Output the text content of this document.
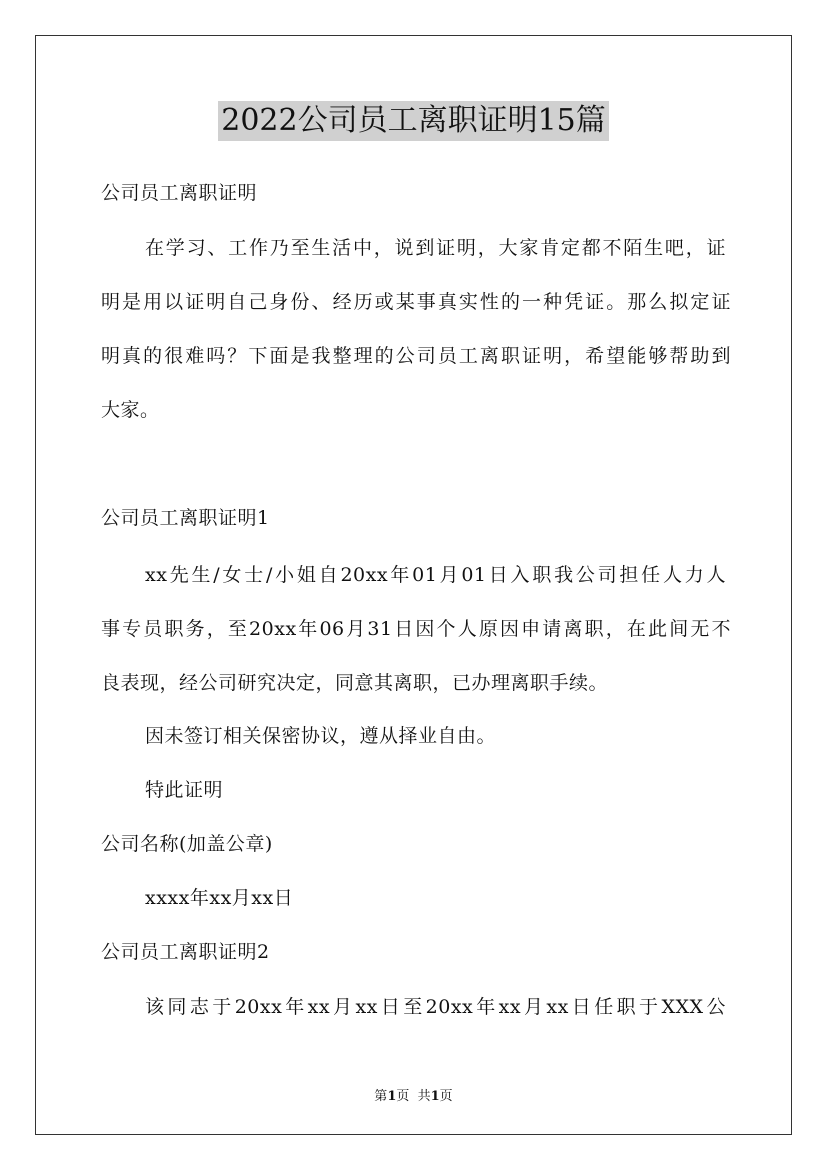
2022公司员工离职证明15篇
公司员工离职证明
在学习、工作乃至生活中，说到证明，大家肯定都不陌生吧，证
明是用以证明自己身份、经历或某事真实性的一种凭证。那么拟定证
明真的很难吗？下面是我整理的公司员工离职证明，希望能够帮助到
大家。
公司员工离职证明1
xx先生/女士/小姐自20xx年01月01日入职我公司担任人力人
事专员职务，至20xx年06月31日因个人原因申请离职，在此间无不
良表现，经公司研究决定，同意其离职，已办理离职手续。
因未签订相关保密协议，遵从择业自由。
特此证明
公司名称(加盖公章)
xxxx年xx月xx日
公司员工离职证明2
该同志于20xx年xx月xx日至20xx年xx月xx日任职于XXX公
第1页  共1页
